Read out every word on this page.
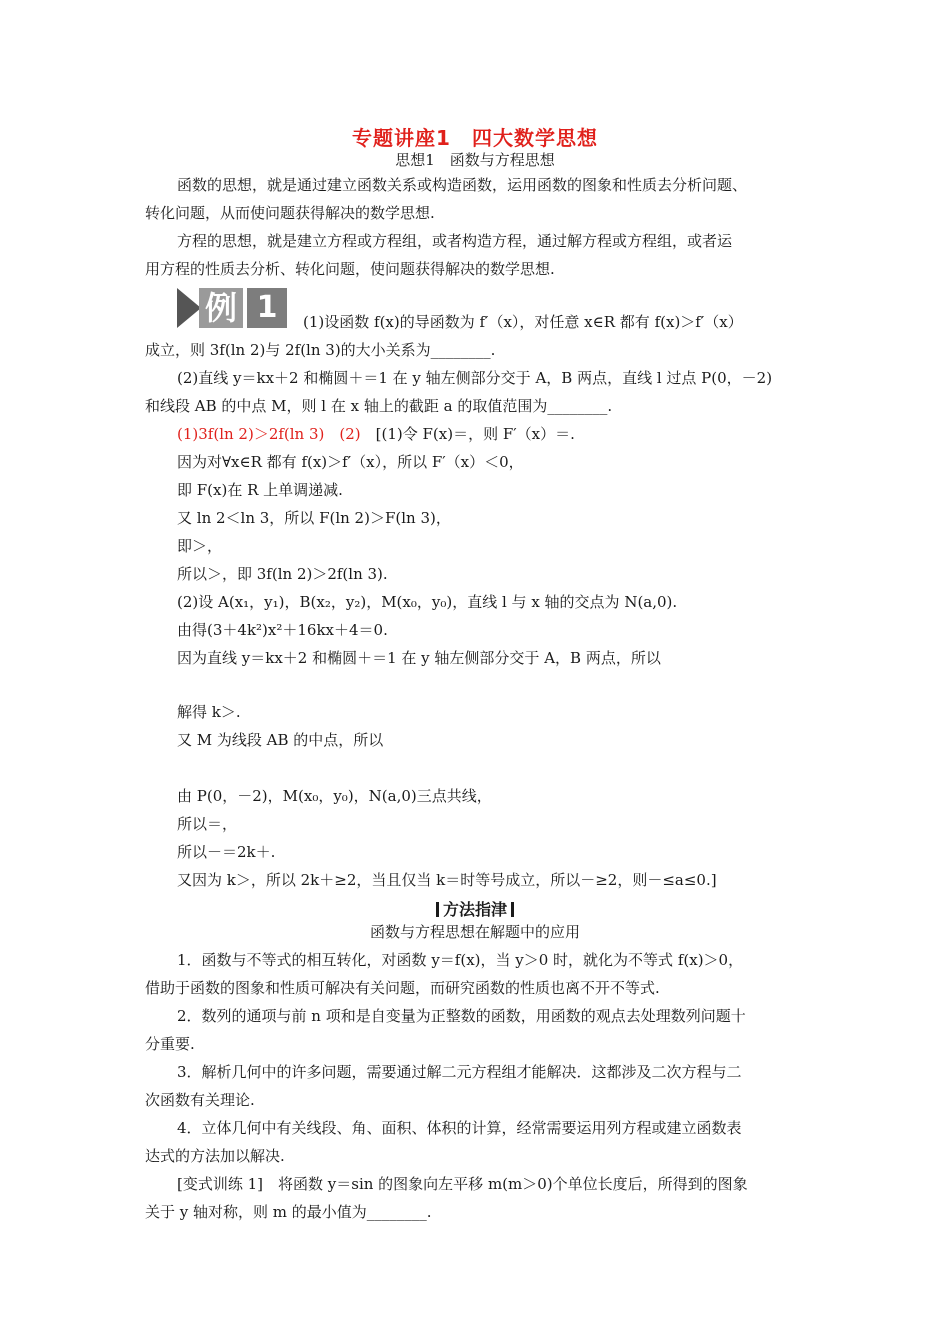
专题讲座1　四大数学思想
思想1　函数与方程思想
函数的思想，就是通过建立函数关系或构造函数，运用函数的图象和性质去分析问题、
转化问题，从而使问题获得解决的数学思想.
方程的思想，就是建立方程或方程组，或者构造方程，通过解方程或方程组，或者运
用方程的性质去分析、转化问题，使问题获得解决的数学思想.
例 1	(1)设函数 f(x)的导函数为 f′（x），对任意 x∈R 都有 f(x)＞f′（x）
成立，则 3f(ln 2)与 2f(ln 3)的大小关系为________.
(2)直线 y＝kx＋2 和椭圆＋＝1 在 y 轴左侧部分交于 A，B 两点，直线 l 过点 P(0，－2)
和线段 AB 的中点 M，则 l 在 x 轴上的截距 a 的取值范围为________.
(1)3f(ln 2)＞2f(ln 3)　(2)　[(1)令 F(x)＝，则 F′（x）＝.
因为对∀x∈R 都有 f(x)＞f′（x），所以 F′（x）＜0，
即 F(x)在 R 上单调递减.
又 ln 2＜ln 3，所以 F(ln 2)＞F(ln 3)，
即＞，
所以＞，即 3f(ln 2)＞2f(ln 3).
(2)设 A(x₁，y₁)，B(x₂，y₂)，M(x₀，y₀)，直线 l 与 x 轴的交点为 N(a,0).
由得(3＋4k²)x²＋16kx＋4＝0.
因为直线 y＝kx＋2 和椭圆＋＝1 在 y 轴左侧部分交于 A，B 两点，所以
解得 k＞.
又 M 为线段 AB 的中点，所以
由 P(0，－2)，M(x₀，y₀)，N(a,0)三点共线，
所以＝，
所以－＝2k＋.
又因为 k＞，所以 2k＋≥2，当且仅当 k＝时等号成立，所以－≥2，则－≤a≤0.]
方法指津
函数与方程思想在解题中的应用
1．函数与不等式的相互转化，对函数 y＝f(x)，当 y＞0 时，就化为不等式 f(x)＞0，
借助于函数的图象和性质可解决有关问题，而研究函数的性质也离不开不等式.
2．数列的通项与前 n 项和是自变量为正整数的函数，用函数的观点去处理数列问题十
分重要.
3．解析几何中的许多问题，需要通过解二元方程组才能解决．这都涉及二次方程与二
次函数有关理论.
4．立体几何中有关线段、角、面积、体积的计算，经常需要运用列方程或建立函数表
达式的方法加以解决.
[变式训练 1]　将函数 y＝sin 的图象向左平移 m(m＞0)个单位长度后，所得到的图象
关于 y 轴对称，则 m 的最小值为________.
